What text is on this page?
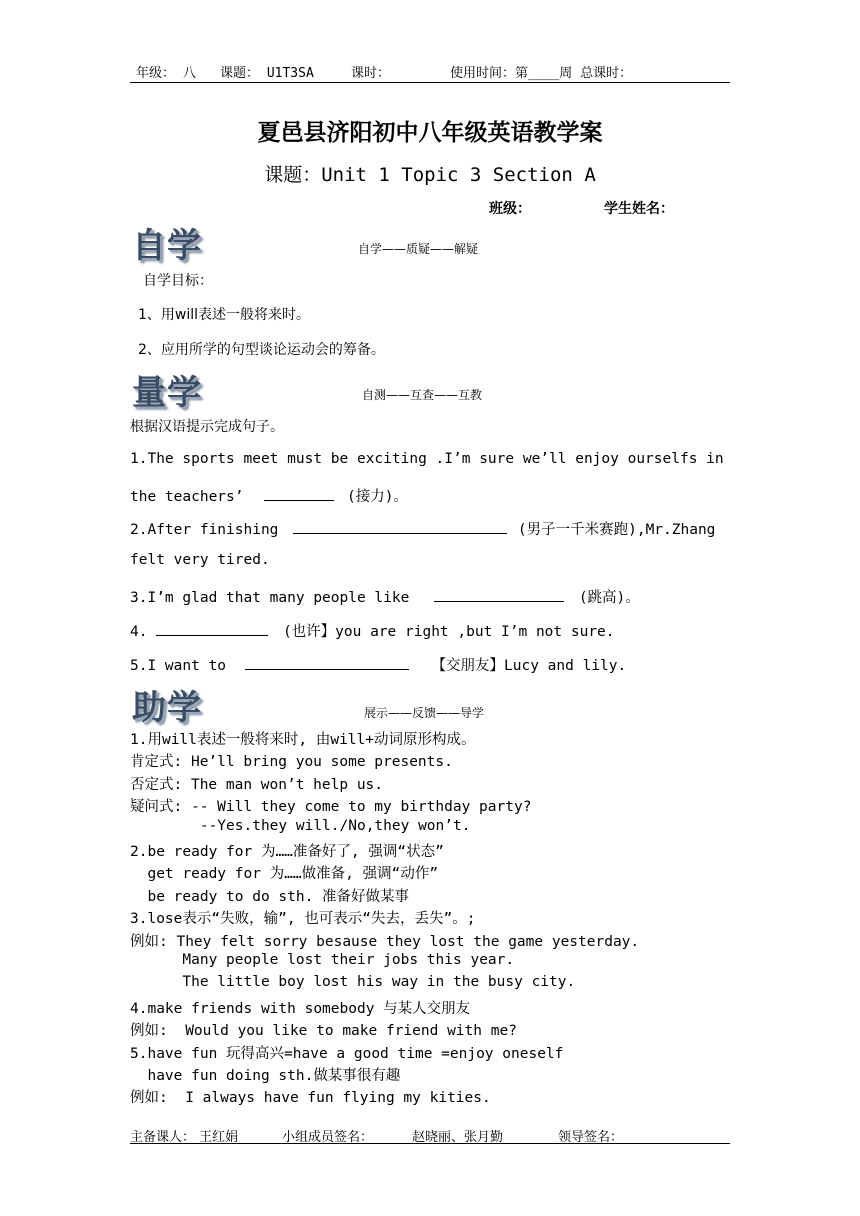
年级： 八 课题： U1T3SA	课时：	使用时间：第____周 总课时：
夏邑县济阳初中八年级英语教学案
课题：Unit 1 Topic 3 Section A
班级：	学生姓名：
自学	自学——质疑——解疑
自学目标：
1、用will表述一般将来时。
2、应用所学的句型谈论运动会的筹备。
量学	自测——互查——互教
根据汉语提示完成句子。
1.The sports meet must be exciting .I’m sure we’ll enjoy ourselfs in
the teachers’	(接力)。
2.After finishing	(男子一千米赛跑),Mr.Zhang
felt very tired.
3.I’m glad that many people like	(跳高)。
4.	(也许】you are right ,but I’m not sure.
5.I want to	【交朋友】Lucy and lily.
助学	展示——反馈——导学
1.用will表述一般将来时, 由will+动词原形构成。
肯定式: He’ll bring you some presents.
否定式: The man won’t help us.
疑问式: -- Will they come to my birthday party?
--Yes.they will./No,they won’t.
2.be ready for 为……准备好了, 强调“状态”
get ready for 为……做准备, 强调“动作”
be ready to do sth. 准备好做某事
3.lose表示“失败，输”, 也可表示“失去，丢失”。;
例如: They felt sorry besause they lost the game yesterday.
Many people lost their jobs this year.
The little boy lost his way in the busy city.
4.make friends with somebody 与某人交朋友
例如:  Would you like to make friend with me?
5.have fun 玩得高兴=have a good time =enjoy oneself
have fun doing sth.做某事很有趣
例如:  I always have fun flying my kities.
主备课人： 王红娟	小组成员签名：	赵晓丽、张月勤	领导签名：
